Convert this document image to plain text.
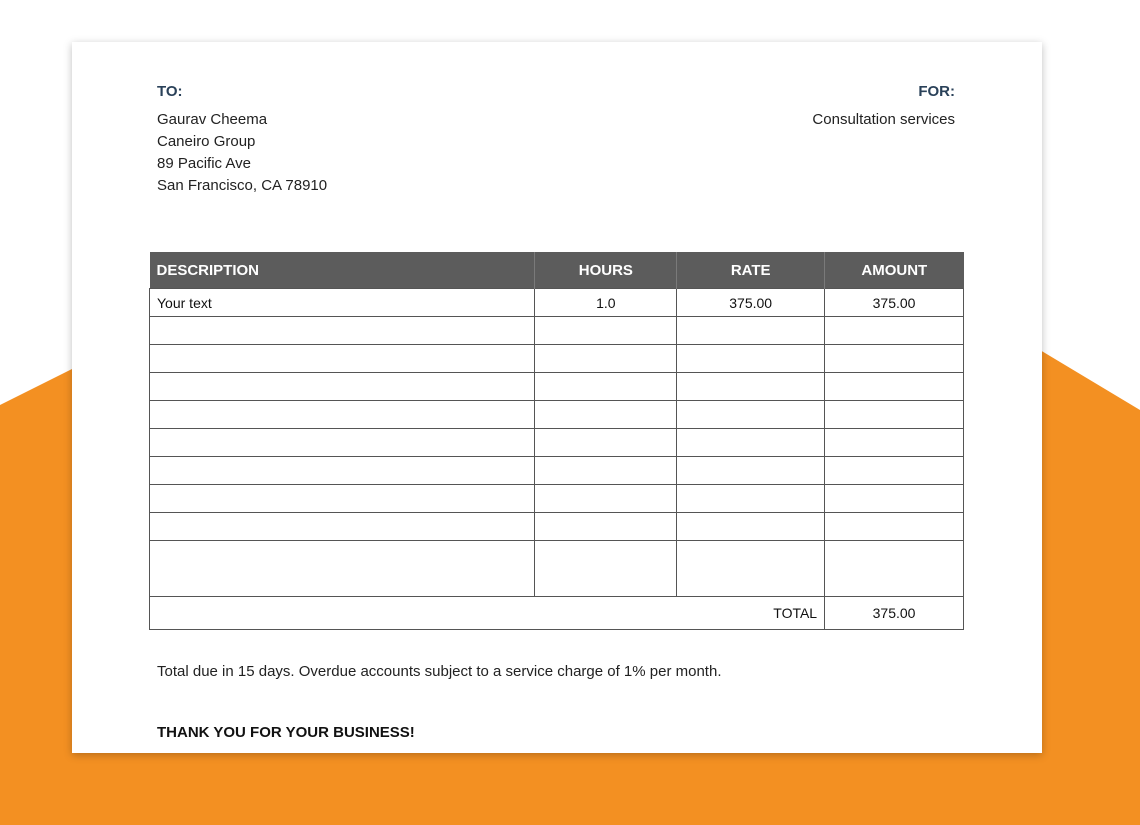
TO:
Gaurav Cheema
Caneiro Group
89 Pacific Ave
San Francisco, CA 78910
FOR:
Consultation services
DESCRIPTION	HOURS	RATE	AMOUNT
Your text	1.0	375.00	375.00

TOTAL			375.00
Total due in 15 days. Overdue accounts subject to a service charge of 1% per month.
THANK YOU FOR YOUR BUSINESS!
